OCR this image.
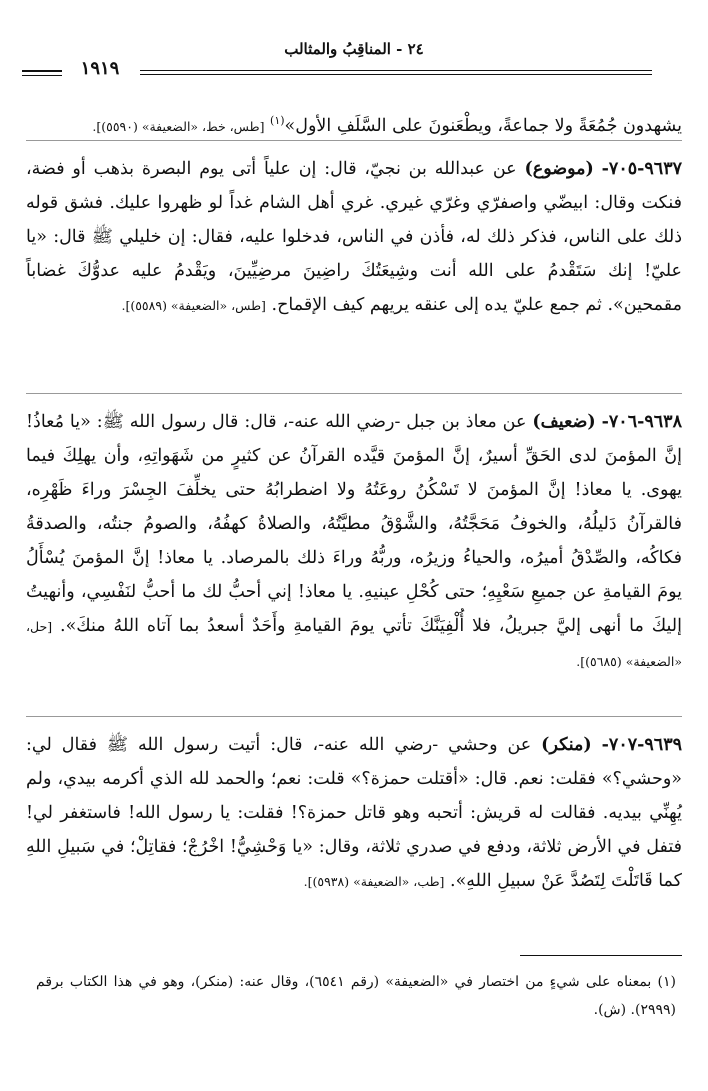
٢٤ - المناقِبُ والمثالب
١٩١٩
يشهدون جُمُعَةً ولا جماعةً، ويطْعَنونَ على السَّلَفِ الأول»$^{(١)}$ [طس، خط، «الضعيفة» (٥٥٩٠)].
٩٦٣٧-٧٠٥- (موضوع) عن عبدالله بن نجيّ، قال: إن علياً أتى يوم البصرة بذهب أو فضة، فنكت وقال: ابيضّي واصفرّي وغرّي غيري. غري أهل الشام غداً لو ظهروا عليك. فشق قوله ذلك على الناس، فذكر ذلك له، فأذن في الناس، فدخلوا عليه، فقال: إن خليلي ﷺ قال: «يا عليّ! إنك سَتَقْدمُ على الله أنت وشِيعَتُكَ راضِينَ مرضِيِّينَ، ويَقْدمُ عليه عدوُّكَ غضاباً مقمحين». ثم جمع عليّ يده إلى عنقه يريهم كيف الإقماح. [طس، «الضعيفة» (٥٥٨٩)].
٩٦٣٨-٧٠٦- (ضعيف) عن معاذ بن جبل -رضي الله عنه-، قال: قال رسول الله ﷺ: «يا مُعاذُ! إنَّ المؤمنَ لدى الحَقِّ أسيرٌ، إنَّ المؤمنَ قيَّده القرآنُ عن كثيرٍ من شَهَواتِهِ، وأن يهلِكَ فيما يهوى. يا معاذ! إنَّ المؤمنَ لا تَسْكُنُ روعَتُهُ ولا اضطرابُهُ حتى يخلِّفَ الجِسْرَ وراءَ ظَهْرِه، فالقرآنُ دَليلُهُ، والخوفُ مَحَجَّتُهُ، والشَّوْقُ مطيَّتُهُ، والصلاةُ كهفُهُ، والصومُ جنتُه، والصدقةُ فكاكُه، والصِّدْقُ أميرُه، والحياءُ وزيرُه، وربُّهُ وراءَ ذلك بالمرصاد. يا معاذ! إنَّ المؤمنَ يُسْأَلُ يومَ القيامةِ عن جميعِ سَعْيِهِ؛ حتى كُحْلِ عينيهِ. يا معاذ! إني أحبُّ لك ما أحبُّ لنَفْسِي، وأنهيتُ إليكَ ما أنهى إليَّ جبريلُ، فلا أُلْفِيَنَّكَ تأتي يومَ القيامةِ وأَحَدٌ أسعدُ بما آتاه اللهُ منكَ». [حل، «الضعيفة» (٥٦٨٥)].
٩٦٣٩-٧٠٧- (منكر) عن وحشي -رضي الله عنه-، قال: أتيت رسول الله ﷺ فقال لي: «وحشي؟» فقلت: نعم. قال: «أقتلت حمزة؟» قلت: نعم؛ والحمد لله الذي أكرمه بيدي، ولم يُهِنِّي بيديه. فقالت له قريش: أتحبه وهو قاتل حمزة؟! فقلت: يا رسول الله! فاستغفر لي! فتفل في الأرض ثلاثة، ودفع في صدري ثلاثة، وقال: «يا وَحْشِيُّ! اخْرُجْ؛ فقاتِلْ؛ في سَبيلِ اللهِ كما قَاتَلْتَ لِتَصُدَّ عَنْ سبيلِ اللهِ». [طب، «الضعيفة» (٥٩٣٨)].
(١) بمعناه على شيءٍ من اختصار في «الضعيفة» (رقم ٦٥٤١)، وقال عنه: (منكر)، وهو في هذا الكتاب برقم (٢٩٩٩). (ش).
